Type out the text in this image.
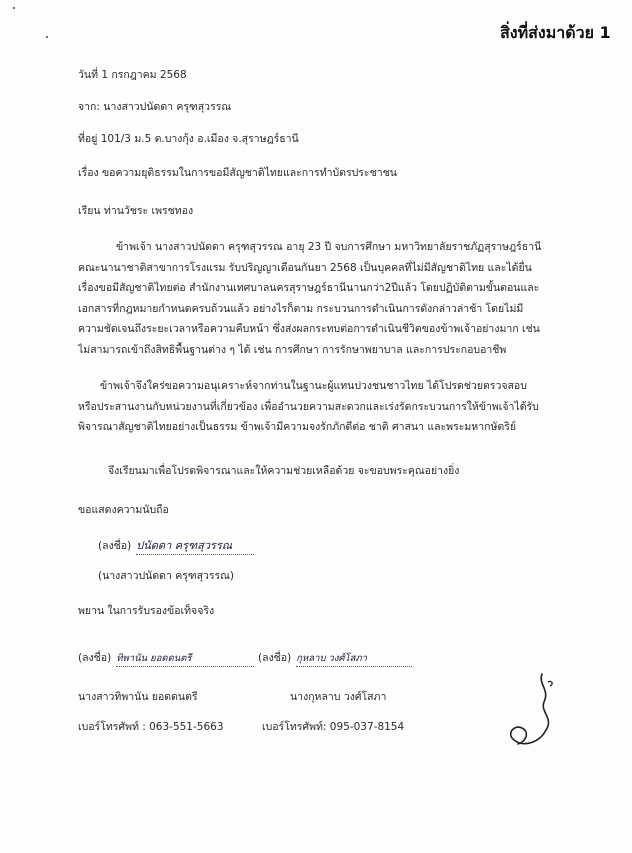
สิ่งที่ส่งมาด้วย 1
วันที่ 1 กรกฎาคม 2568
จาก: นางสาวปนัดดา ครุฑสุวรรณ
ที่อยู่ 101/3 ม.5 ต.บางกุ้ง อ.เมือง จ.สุราษฎร์ธานี
เรื่อง ขอความยุติธรรมในการขอมีสัญชาติไทยและการทำบัตรประชาชน
เรียน ท่านวัชระ เพรชทอง
ข้าพเจ้า นางสาวปนัดดา ครุฑสุวรรณ อายุ 23 ปี จบการศึกษา มหาวิทยาลัยราชภัฏสุราษฎร์ธานี
คณะนานาชาติสาขาการโรงแรม รับปริญญาเดือนกันยา 2568 เป็นบุคคลที่ไม่มีสัญชาติไทย และได้ยื่น
เรื่องขอมีสัญชาติไทยต่อ สำนักงานเทศบาลนครสุราษฎร์ธานีนานกว่า2ปีแล้ว โดยปฏิบัติตามขั้นตอนและ
เอกสารที่กฎหมายกำหนดครบถ้วนแล้ว อย่างไรก็ตาม กระบวนการดำเนินการดังกล่าวล่าช้า โดยไม่มี
ความชัดเจนถึงระยะเวลาหรือความคืบหน้า ซึ่งส่งผลกระทบต่อการดำเนินชีวิตของข้าพเจ้าอย่างมาก เช่น
ไม่สามารถเข้าถึงสิทธิพื้นฐานต่าง ๆ ได้ เช่น การศึกษา การรักษาพยาบาล และการประกอบอาชีพ
ข้าพเจ้าจึงใคร่ขอความอนุเคราะห์จากท่านในฐานะผู้แทนปวงชนชาวไทย ได้โปรดช่วยตรวจสอบ
หรือประสานงานกับหน่วยงานที่เกี่ยวข้อง เพื่ออำนวยความสะดวกและเร่งรัดกระบวนการให้ข้าพเจ้าได้รับ
พิจารณาสัญชาติไทยอย่างเป็นธรรม ข้าพเจ้ามีความจงรักภักดีต่อ ชาติ ศาสนา และพระมหากษัตริย์
จึงเรียนมาเพื่อโปรดพิจารณาและให้ความช่วยเหลือด้วย จะขอบพระคุณอย่างยิ่ง
ขอแสดงความนับถือ
(ลงชื่อ) ปนัดดา ครุฑสุวรรณ
(นางสาวปนัดดา ครุฑสุวรรณ)
พยาน ในการรับรองข้อเท็จจริง
(ลงชื่อ) ทิพานัน ยอดดนตรี
นางสาวทิพานัน ยอดดนตรี
เบอร์โทรศัพท์ : 063-551-5663
(ลงชื่อ) กุหลาบ วงศ์โสภา
นางกุหลาบ วงศ์โสภา
เบอร์โทรศัพท์: 095-037-8154
